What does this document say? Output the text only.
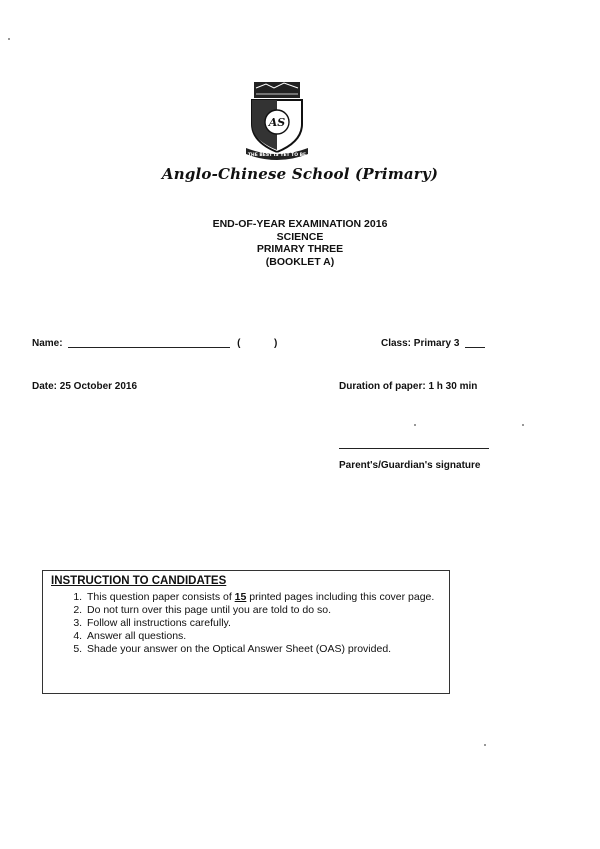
AS
THE BEST IS YET TO BE
Anglo-Chinese School (Primary)
END-OF-YEAR EXAMINATION 2016
SCIENCE
PRIMARY THREE
(BOOKLET A)
Name:	(	)	Class: Primary 3
Date: 25 October 2016	Duration of paper: 1 h 30 min
Parent's/Guardian's signature
INSTRUCTION TO CANDIDATES
1. This question paper consists of 15 printed pages including this cover page.
2. Do not turn over this page until you are told to do so.
3. Follow all instructions carefully.
4. Answer all questions.
5. Shade your answer on the Optical Answer Sheet (OAS) provided.
